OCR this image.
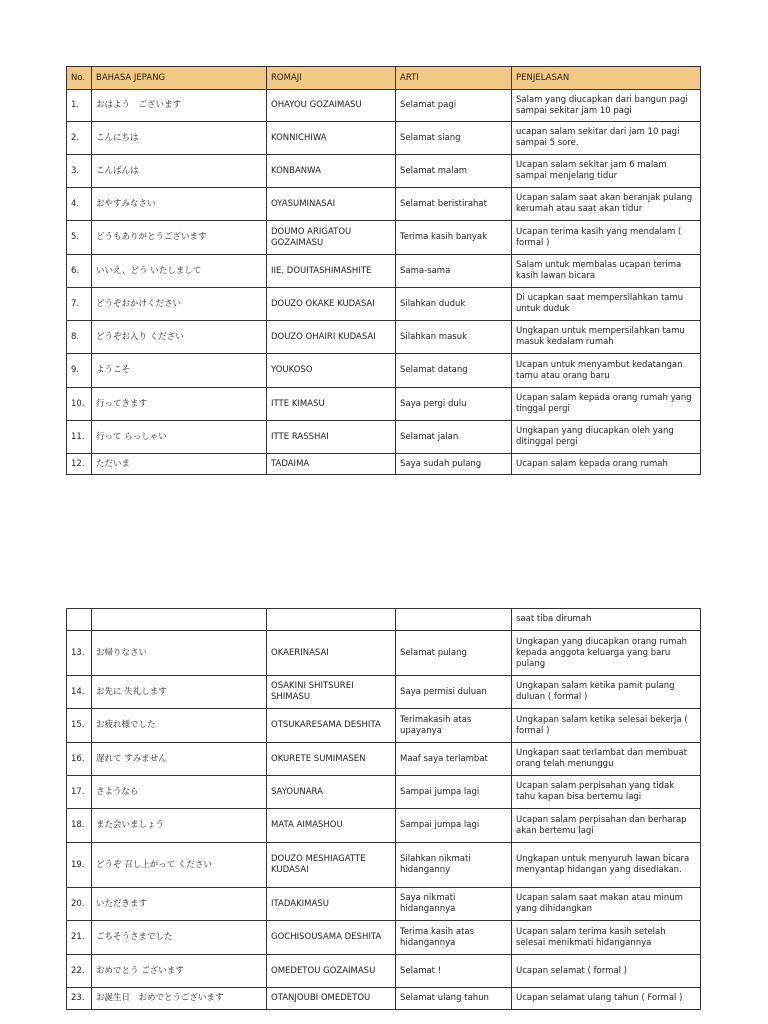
No.	BAHASA JEPANG	ROMAJI	ARTI	PENJELASAN
1.	おはよう　ございます	OHAYOU GOZAIMASU	Selamat pagi	Salam yang diucapkan dari bangun pagi sampai sekitar jam 10 pagi
2.	こんにちは	KONNICHIWA	Selamat siang	ucapan salam sekitar dari jam 10 pagi sampai 5 sore.
3.	こんばんは	KONBANWA	Selamat malam	Ucapan salam sekitar jam 6 malam sampai menjelang tidur
4.	おやすみなさい	OYASUMINASAI	Selamat beristirahat	Ucapan salam saat akan beranjak pulang kerumah atau saat akan tidur
5.	どうもありがとうございます	DOUMO ARIGATOU GOZAIMASU	Terima kasih banyak	Ucapan terima kasih yang mendalam ( formal )
6.	いいえ、どう いたしまして	IIE, DOUITASHIMASHITE	Sama-sama	Salam untuk membalas ucapan terima kasih lawan bicara
7.	どうぞおかけください	DOUZO OKAKE KUDASAI	Silahkan duduk	Di ucapkan saat mempersilahkan tamu untuk duduk
8.	どうぞお入り ください	DOUZO OHAIRI KUDASAI	Silahkan masuk	Ungkapan untuk mempersilahkan tamu masuk kedalam rumah
9.	ようこそ	YOUKOSO	Selamat datang	Ucapan untuk menyambut kedatangan tamu atau orang baru
10.	行ってきます	ITTE KIMASU	Saya pergi dulu	Ucapan salam kepada orang rumah yang tinggal pergi
11.	行って らっしゃい	ITTE RASSHAI	Selamat jalan	Ungkapan yang diucapkan oleh yang ditinggal pergi
12.	ただいま	TADAIMA	Saya sudah pulang	Ucapan salam kepada orang rumah
				saat tiba dirumah
13.	お帰りなさい	OKAERINASAI	Selamat pulang	Ungkapan yang diucapkan orang rumah kepada anggota keluarga yang baru pulang
14.	お先に 失礼します	OSAKINI SHITSUREI SHIMASU	Saya permisi duluan	Ungkapan salam ketika pamit pulang duluan ( formal )
15.	お疲れ様でした	OTSUKARESAMA DESHITA	Terimakasih atas upayanya	Ungkapan salam ketika selesai bekerja ( formal )
16.	遅れて すみません	OKURETE SUMIMASEN	Maaf saya terlambat	Ungkapan saat terlambat dan membuat orang telah menunggu
17.	さようなら	SAYOUNARA	Sampai jumpa lagi	Ucapan salam perpisahan yang tidak tahu kapan bisa bertemu lagi
18.	また会いましょう	MATA AIMASHOU	Sampai jumpa lagi	Ucapan salam perpisahan dan berharap akan bertemu lagi
19.	どうぞ 召し上がって ください	DOUZO MESHIAGATTE KUDASAI	Silahkan nikmati hidanganny	Ungkapan untuk menyuruh lawan bicara menyantap hidangan yang disediakan.
20.	いただきます	ITADAKIMASU	Saya nikmati hidangannya	Ucapan salam saat makan atau minum yang dihidangkan
21.	ごちそうさまでした	GOCHISOUSAMA DESHITA	Terima kasih atas hidangannya	Ucapan salam terima kasih setelah selesai menikmati hidangannya
22.	おめでとう ございます	OMEDETOU GOZAIMASU	Selamat !	Ucapan selamat ( formal )
23.	お誕生日　おめでとうございます	OTANJOUBI OMEDETOU	Selamat ulang tahun	Ucapan selamat ulang tahun ( Formal )
